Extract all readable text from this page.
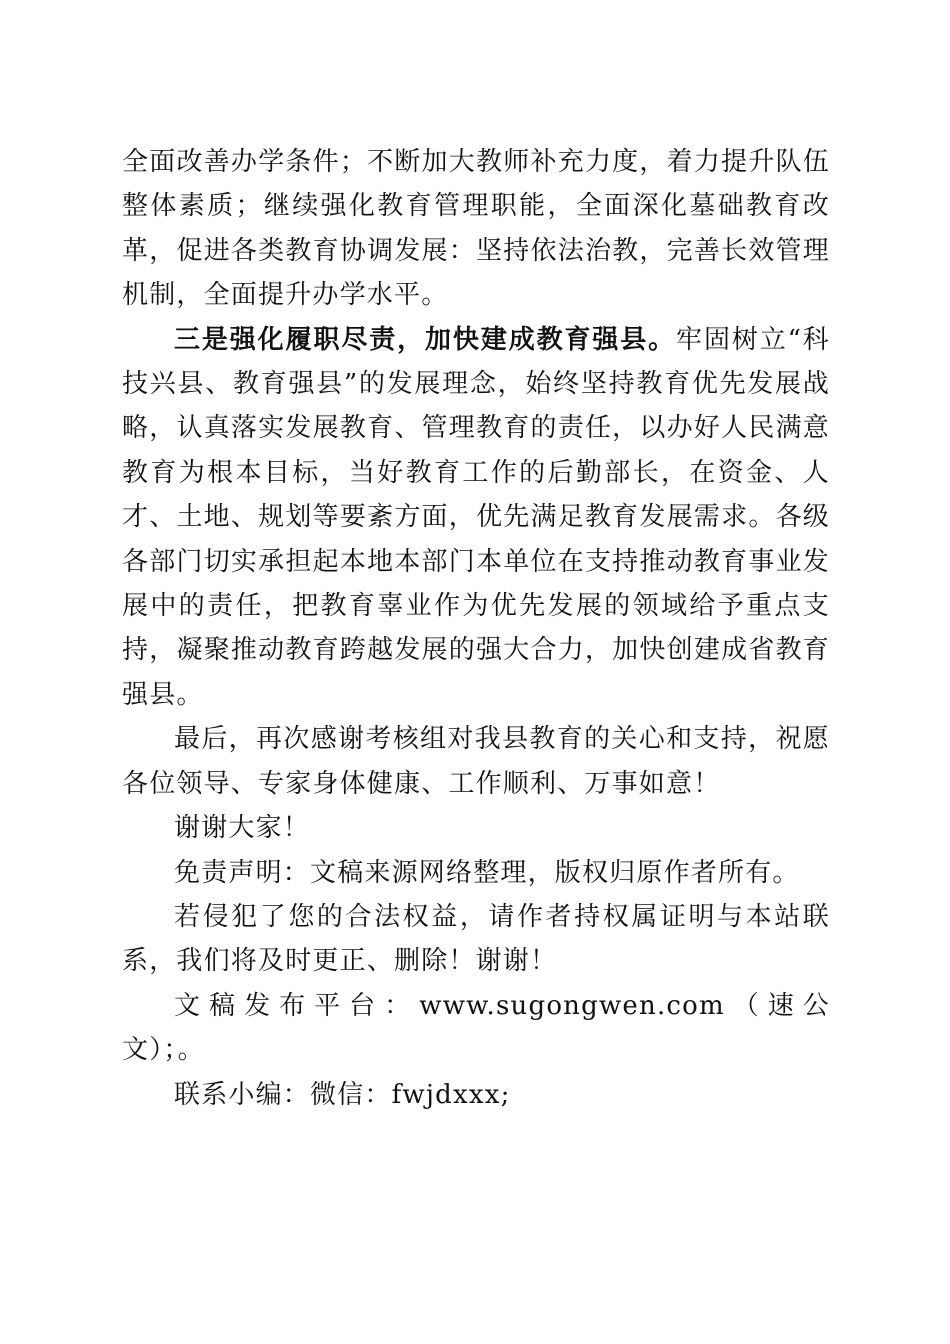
全面改善办学条件；不断加大教师补充力度，着力提升队伍整体素质；继续强化教育管理职能，全面深化墓础教育改革，促进各类教育协调发展：坚持依法治教，完善长效管理机制，全面提升办学水平。

三是强化履职尽责，加快建成教育强县。牢固树立“科技兴县、教育强县”的发展理念，始终坚持教育优先发展战略，认真落实发展教育、管理教育的责任，以办好人民满意教育为根本目标，当好教育工作的后勤部长，在资金、人才、土地、规划等要紊方面，优先满足教育发展需求。各级各部门切实承担起本地本部门本单位在支持推动教育事业发展中的责任，把教育辜业作为优先发展的领域给予重点支持，凝聚推动教育跨越发展的强大合力，加快创建成省教育强县。

最后，再次感谢考核组对我县教育的关心和支持，祝愿各位领导、专家身体健康、工作顺利、万事如意！

谢谢大家！

免责声明：文稿来源网络整理，版权归原作者所有。

若侵犯了您的合法权益，请作者持权属证明与本站联系，我们将及时更正、删除！谢谢！

文稿发布平台：www.sugongwen.com（速公文）；。

联系小编：微信：fwjdxxx;
